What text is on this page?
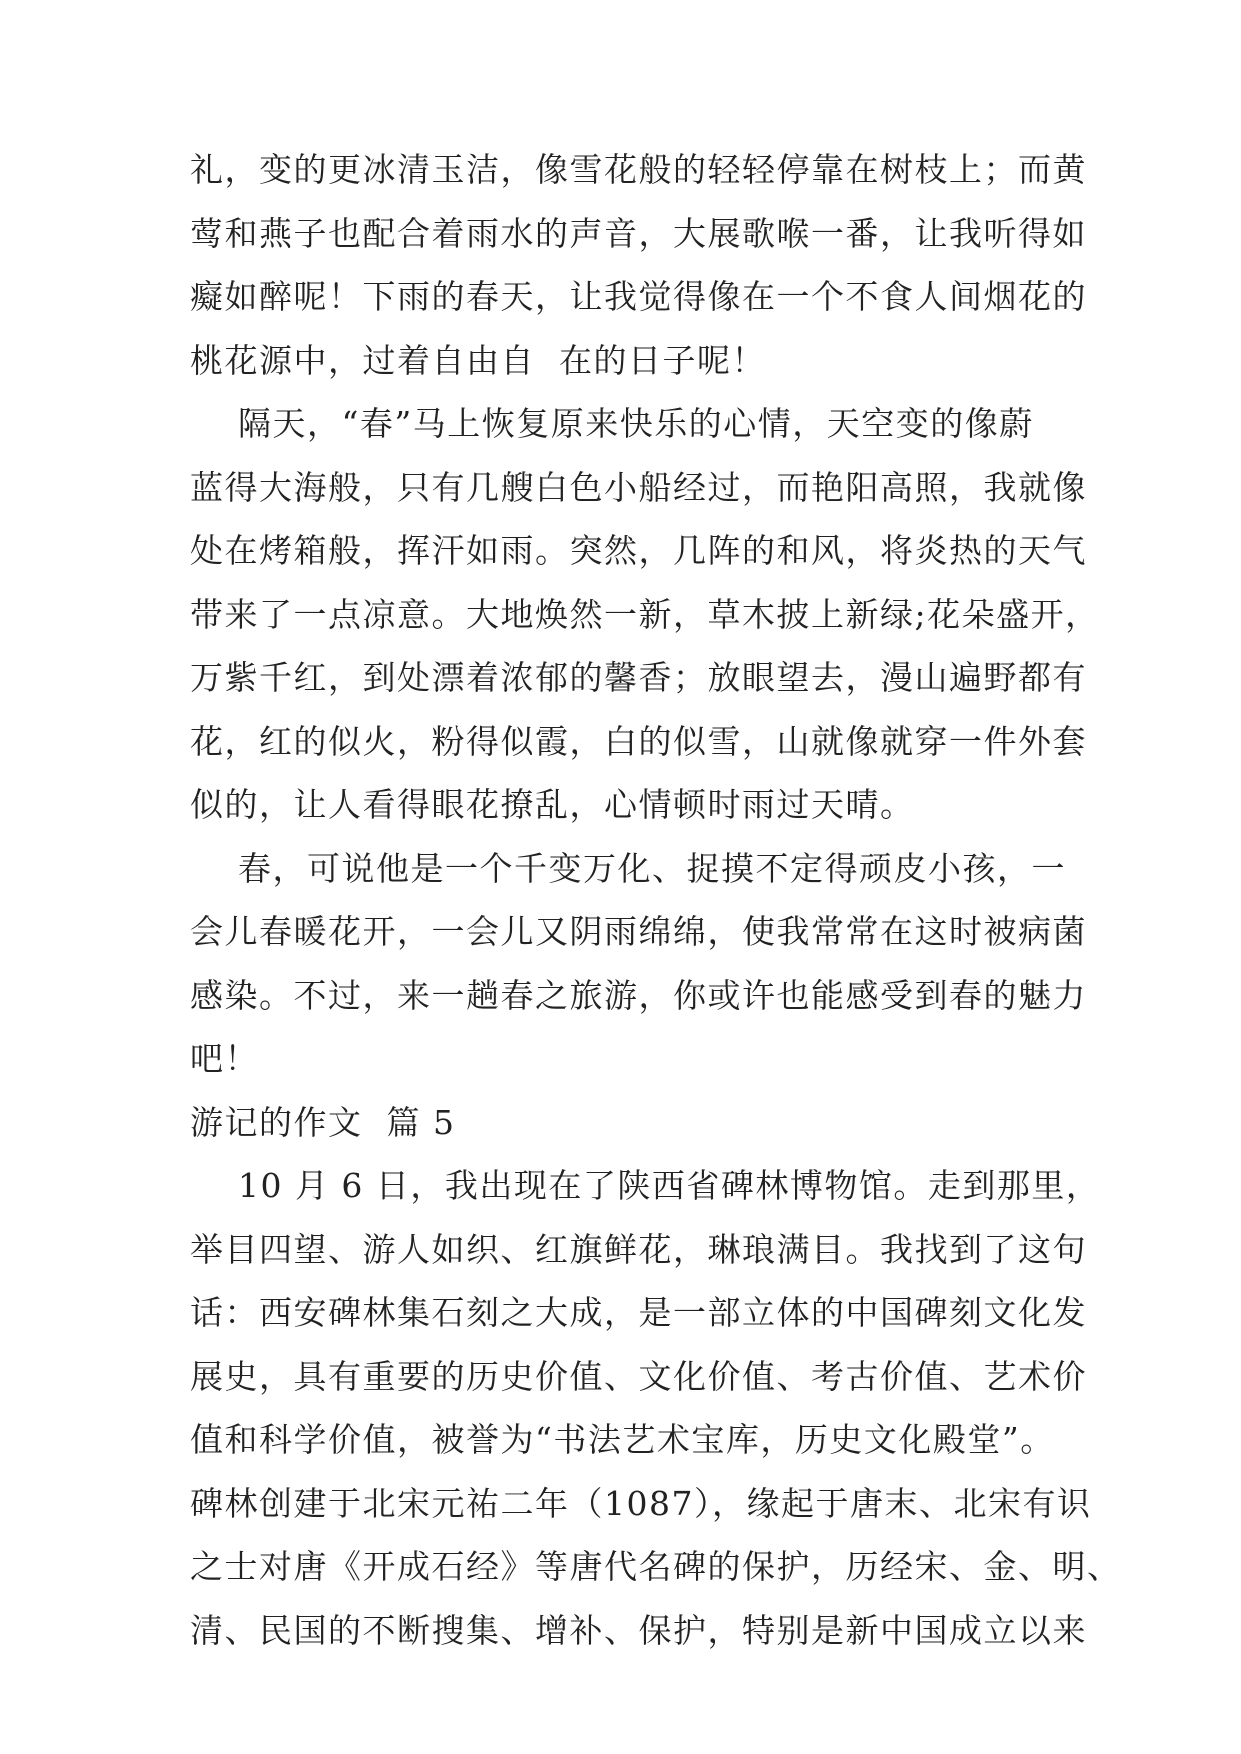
礼，变的更冰清玉洁，像雪花般的轻轻停靠在树枝上；而黄
莺和燕子也配合着雨水的声音，大展歌喉一番，让我听得如
癡如醉呢！下雨的春天，让我觉得像在一个不食人间烟花的
桃花源中，过着自由自  在的日子呢！
隔天，“春”马上恢复原来快乐的心情，天空变的像蔚
蓝得大海般，只有几艘白色小船经过，而艳阳高照，我就像
处在烤箱般，挥汗如雨。突然，几阵的和风，将炎热的天气
带来了一点凉意。大地焕然一新，草木披上新绿;花朵盛开，
万紫千红，到处漂着浓郁的馨香；放眼望去，漫山遍野都有
花，红的似火，粉得似霞，白的似雪，山就像就穿一件外套
似的，让人看得眼花撩乱，心情顿时雨过天晴。
春，可说他是一个千变万化、捉摸不定得顽皮小孩，一
会儿春暖花开，一会儿又阴雨绵绵，使我常常在这时被病菌
感染。不过，来一趟春之旅游，你或许也能感受到春的魅力
吧！
游记的作文  篇 5
10 月 6 日，我出现在了陕西省碑林博物馆。走到那里，
举目四望、游人如织、红旗鲜花，琳琅满目。我找到了这句
话：西安碑林集石刻之大成，是一部立体的中国碑刻文化发
展史，具有重要的历史价值、文化价值、考古价值、艺术价
值和科学价值，被誉为“书法艺术宝库，历史文化殿堂”。
碑林创建于北宋元祐二年（1087），缘起于唐末、北宋有识
之士对唐《开成石经》等唐代名碑的保护，历经宋、金、明、
清、民国的不断搜集、增补、保护，特别是新中国成立以来
